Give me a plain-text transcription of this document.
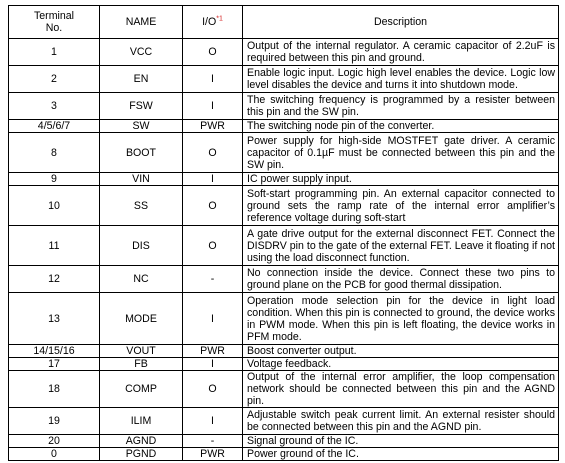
Terminal
No.	NAME	$I/O^{*1}$	Description
1	VCC	O	Output of the internal regulator. A ceramic capacitor of 2.2uF is required between this pin and ground.
2	EN	I	Enable logic input. Logic high level enables the device. Logic low level disables the device and turns it into shutdown mode.
3	FSW	I	The switching frequency is programmed by a resister between this pin and the SW pin.
4/5/6/7	SW	PWR	The switching node pin of the converter.
8	BOOT	O	Power supply for high-side MOSTFET gate driver. A ceramic capacitor of 0.1µF must be connected between this pin and the SW pin.
9	VIN	I	IC power supply input.
10	SS	O	Soft-start programming pin. An external capacitor connected to ground sets the ramp rate of the internal error amplifier’s reference voltage during soft-start
11	DIS	O	A gate drive output for the external disconnect FET. Connect the DISDRV pin to the gate of the external FET. Leave it floating if not using the load disconnect function.
12	NC	-	No connection inside the device. Connect these two pins to ground plane on the PCB for good thermal dissipation.
13	MODE	I	Operation mode selection pin for the device in light load condition. When this pin is connected to ground, the device works in PWM mode. When this pin is left floating, the device works in PFM mode.
14/15/16	VOUT	PWR	Boost converter output.
17	FB	I	Voltage feedback.
18	COMP	O	Output of the internal error amplifier, the loop compensation network should be connected between this pin and the AGND pin.
19	ILIM	I	Adjustable switch peak current limit. An external resister should be connected between this pin and the AGND pin.
20	AGND	-	Signal ground of the IC.
0	PGND	PWR	Power ground of the IC.
